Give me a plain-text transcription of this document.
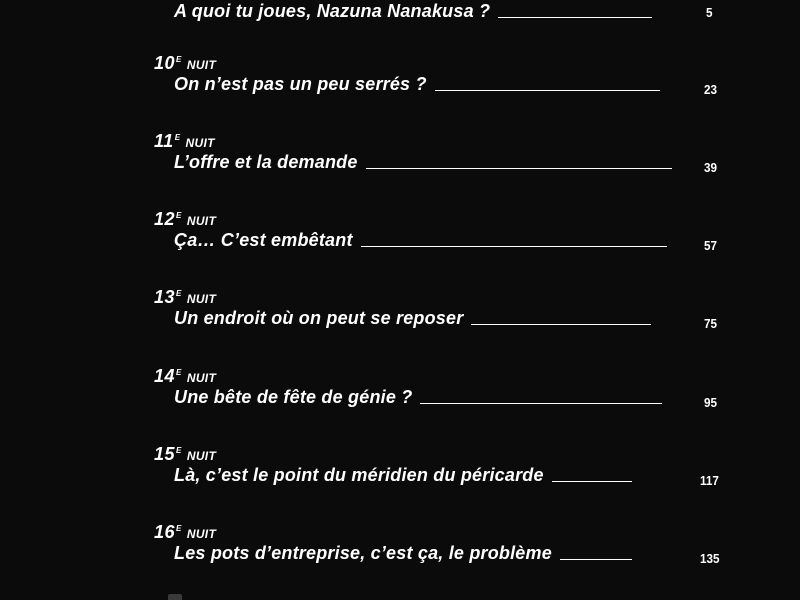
A quoi tu joues, Nazuna Nanakusa ?	5
$10^E$ NUIT
On n’est pas un peu serrés ?	23
$11^E$ NUIT
L’offre et la demande	39
$12^E$ NUIT
Ça… C’est embêtant	57
$13^E$ NUIT
Un endroit où on peut se reposer	75
$14^E$ NUIT
Une bête de fête de génie ?	95
$15^E$ NUIT
Là, c’est le point du méridien du péricarde	117
$16^E$ NUIT
Les pots d’entreprise, c’est ça, le problème	135
